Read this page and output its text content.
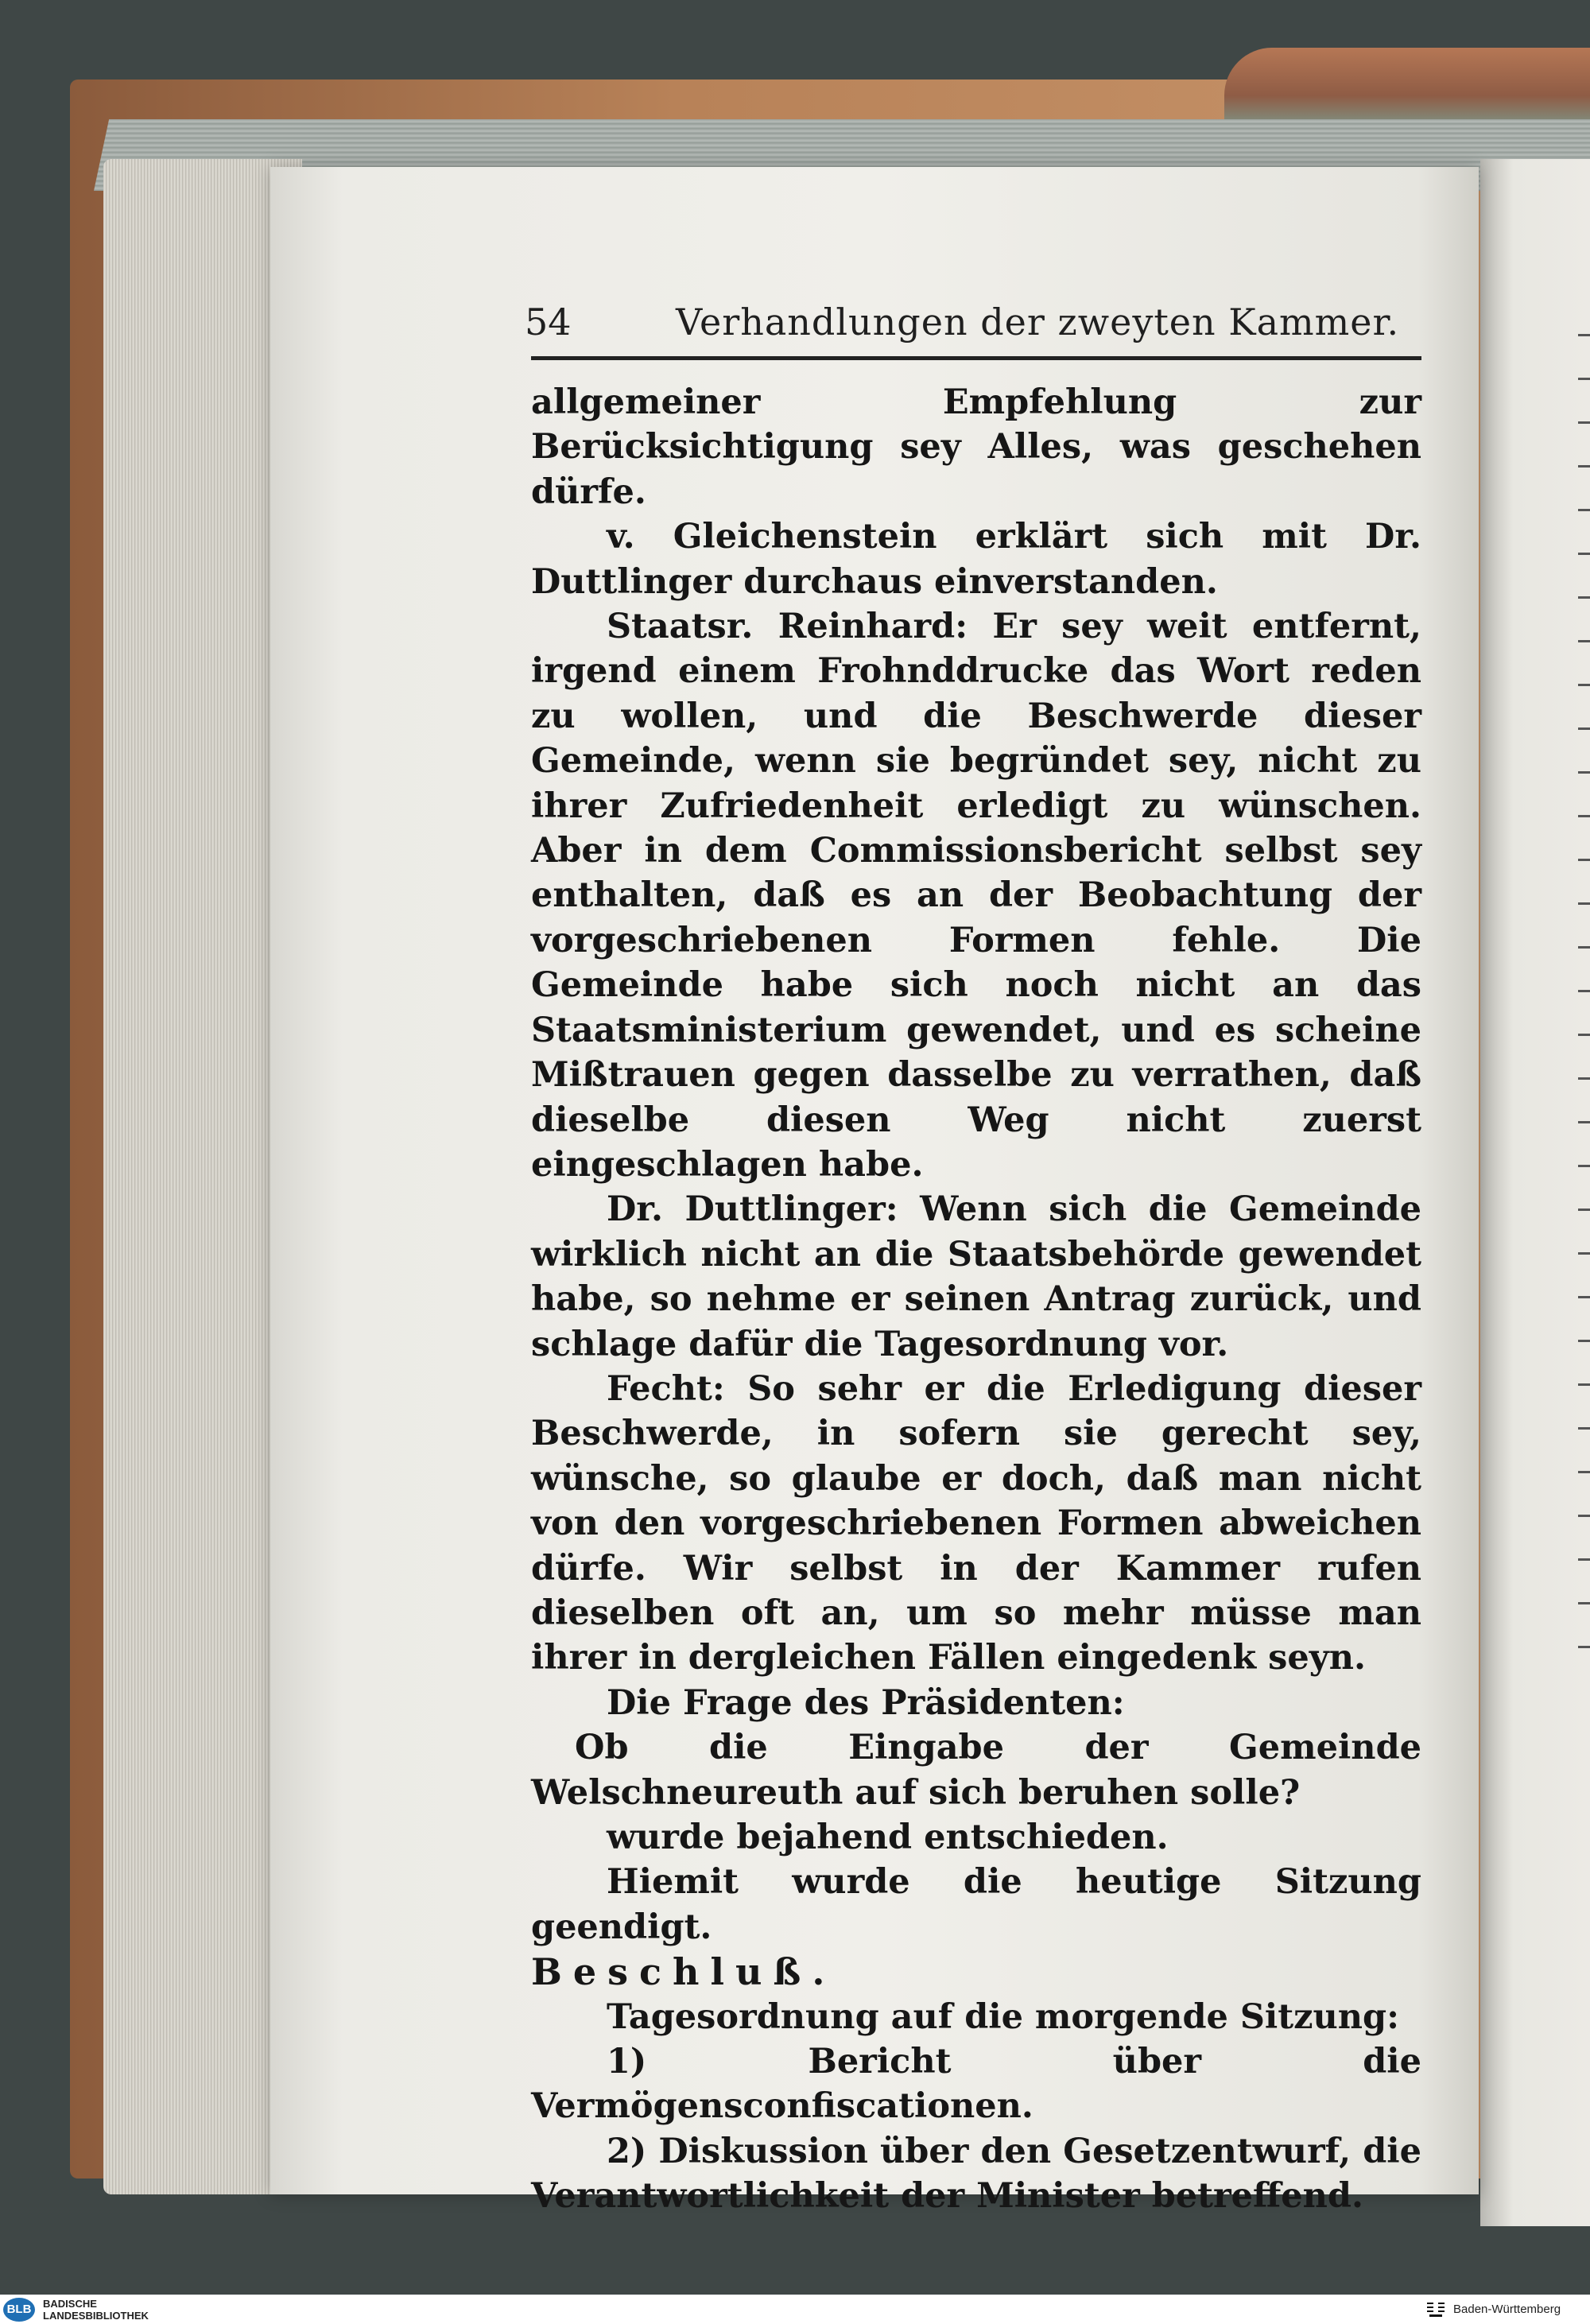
54	Verhandlungen der zweyten Kammer.

allgemeiner Empfehlung zur Berücksichtigung sey Alles, was geschehen dürfe.

v. Gleichenstein erklärt sich mit Dr. Duttlinger durchaus einverstanden.

Staatsr. Reinhard: Er sey weit entfernt, irgend einem Frohnddrucke das Wort reden zu wollen, und die Beschwerde dieser Gemeinde, wenn sie begründet sey, nicht zu ihrer Zufriedenheit erledigt zu wünschen. Aber in dem Commissionsbericht selbst sey enthalten, daß es an der Beobachtung der vorgeschriebenen Formen fehle. Die Gemeinde habe sich noch nicht an das Staatsministerium gewendet, und es scheine Mißtrauen gegen dasselbe zu verrathen, daß dieselbe diesen Weg nicht zuerst eingeschlagen habe.

Dr. Duttlinger: Wenn sich die Gemeinde wirklich nicht an die Staatsbehörde gewendet habe, so nehme er seinen Antrag zurück, und schlage dafür die Tagesordnung vor.

Fecht: So sehr er die Erledigung dieser Beschwerde, in sofern sie gerecht sey, wünsche, so glaube er doch, daß man nicht von den vorgeschriebenen Formen abweichen dürfe. Wir selbst in der Kammer rufen dieselben oft an, um so mehr müsse man ihrer in dergleichen Fällen eingedenk seyn.

Die Frage des Präsidenten:

Ob die Eingabe der Gemeinde Welschneureuth auf sich beruhen solle?

wurde bejahend entschieden.

Hiemit wurde die heutige Sitzung geendigt.

Beschluß.

Tagesordnung auf die morgende Sitzung:

1) Bericht über die Vermögensconfiscationen.

2) Diskussion über den Gesetzentwurf, die Verantwortlichkeit der Minister betreffend.

BLB	BADISCHE
LANDESBIBLIOTHEK	Baden-Württemberg
